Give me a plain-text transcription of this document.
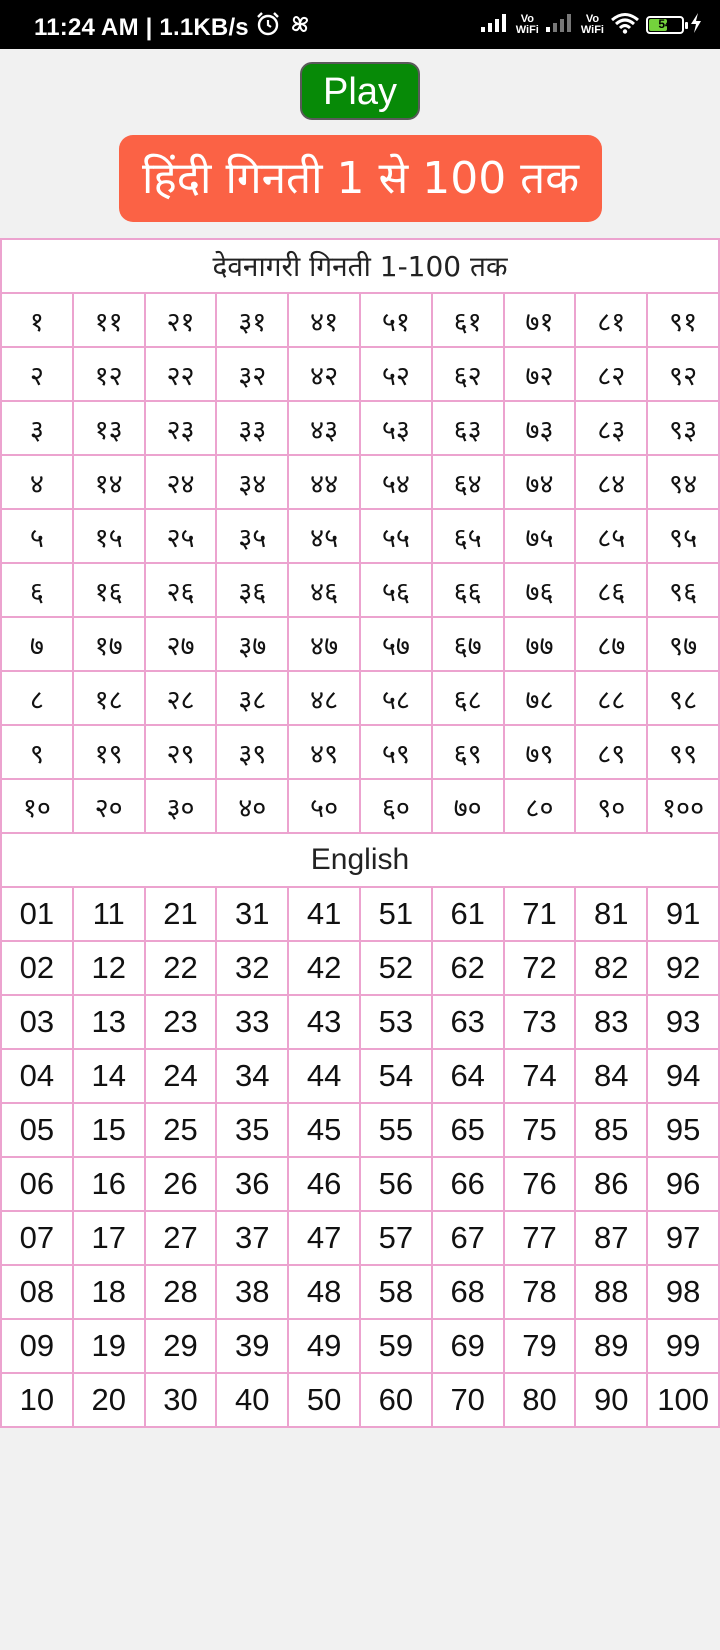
11:24 AM | 1.1KB/s	Vo
WiFi
Vo
WiFi	54
Play
हिंदी गिनती 1 से 100 तक
देवनागरी गिनती 1-100 तक									
१	११	२१	३१	४१	५१	६१	७१	८१	९१
२	१२	२२	३२	४२	५२	६२	७२	८२	९२
३	१३	२३	३३	४३	५३	६३	७३	८३	९३
४	१४	२४	३४	४४	५४	६४	७४	८४	९४
५	१५	२५	३५	४५	५५	६५	७५	८५	९५
६	१६	२६	३६	४६	५६	६६	७६	८६	९६
७	१७	२७	३७	४७	५७	६७	७७	८७	९७
८	१८	२८	३८	४८	५८	६८	७८	८८	९८
९	१९	२९	३९	४९	५९	६९	७९	८९	९९
१०	२०	३०	४०	५०	६०	७०	८०	९०	१००
English									
01	11	21	31	41	51	61	71	81	91
02	12	22	32	42	52	62	72	82	92
03	13	23	33	43	53	63	73	83	93
04	14	24	34	44	54	64	74	84	94
05	15	25	35	45	55	65	75	85	95
06	16	26	36	46	56	66	76	86	96
07	17	27	37	47	57	67	77	87	97
08	18	28	38	48	58	68	78	88	98
09	19	29	39	49	59	69	79	89	99
10	20	30	40	50	60	70	80	90	100
